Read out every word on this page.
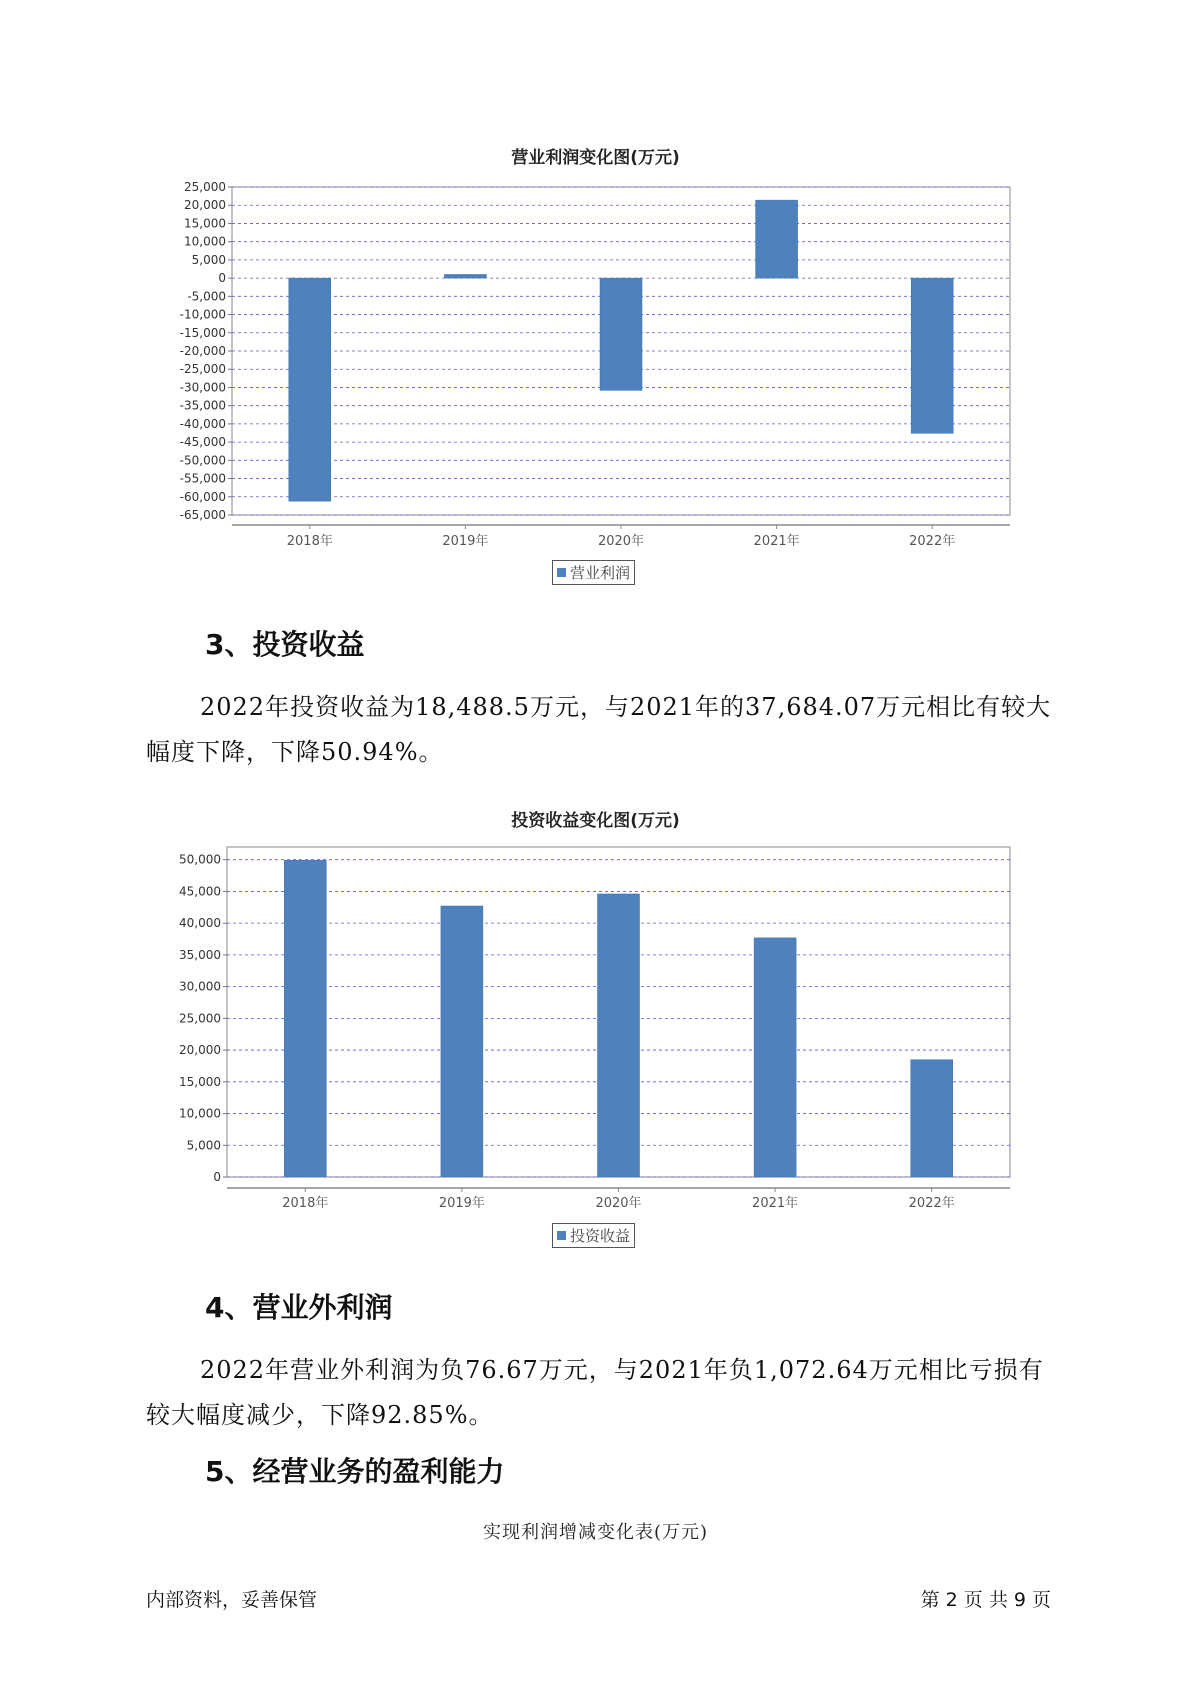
营业利润变化图(万元)
25,000
20,000
15,000
10,000
5,000
0
-5,000
-10,000
-15,000
-20,000
-25,000
-30,000
-35,000
-40,000
-45,000
-50,000
-55,000
-60,000
-65,000
2018年	2019年	2020年	2021年	2022年
营业利润
3、投资收益

2022年投资收益为18,488.5万元，与2021年的37,684.07万元相比有较大幅度下降，下降50.94%。

投资收益变化图(万元)
50,000
45,000
40,000
35,000
30,000
25,000
20,000
15,000
10,000
5,000
0
2018年	2019年	2020年	2021年	2022年
投资收益
4、营业外利润

2022年营业外利润为负76.67万元，与2021年负1,072.64万元相比亏损有较大幅度减少，下降92.85%。

5、经营业务的盈利能力
实现利润增减变化表(万元)
内部资料，妥善保管	第 2 页 共 9 页
